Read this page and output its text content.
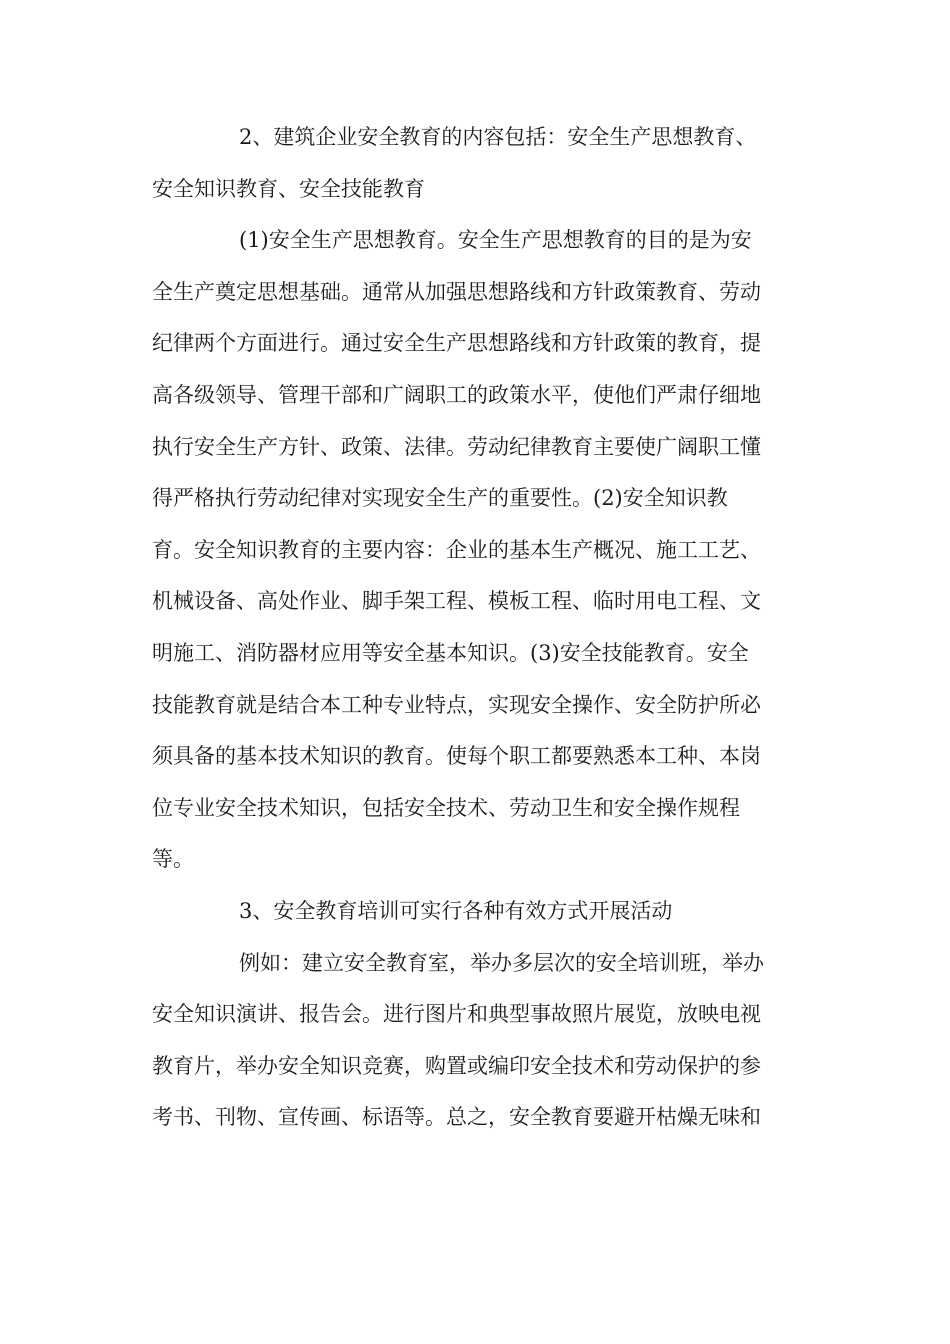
2、建筑企业安全教育的内容包括：安全生产思想教育、
安全知识教育、安全技能教育
(1)安全生产思想教育。安全生产思想教育的目的是为安
全生产奠定思想基础。通常从加强思想路线和方针政策教育、劳动
纪律两个方面进行。通过安全生产思想路线和方针政策的教育，提
高各级领导、管理干部和广阔职工的政策水平，使他们严肃仔细地
执行安全生产方针、政策、法律。劳动纪律教育主要使广阔职工懂
得严格执行劳动纪律对实现安全生产的重要性。(2)安全知识教
育。安全知识教育的主要内容：企业的基本生产概况、施工工艺、
机械设备、高处作业、脚手架工程、模板工程、临时用电工程、文
明施工、消防器材应用等安全基本知识。(3)安全技能教育。安全
技能教育就是结合本工种专业特点，实现安全操作、安全防护所必
须具备的基本技术知识的教育。使每个职工都要熟悉本工种、本岗
位专业安全技术知识，包括安全技术、劳动卫生和安全操作规程
等。
3、安全教育培训可实行各种有效方式开展活动
例如：建立安全教育室，举办多层次的安全培训班，举办
安全知识演讲、报告会。进行图片和典型事故照片展览，放映电视
教育片，举办安全知识竞赛，购置或编印安全技术和劳动保护的参
考书、刊物、宣传画、标语等。总之，安全教育要避开枯燥无味和
